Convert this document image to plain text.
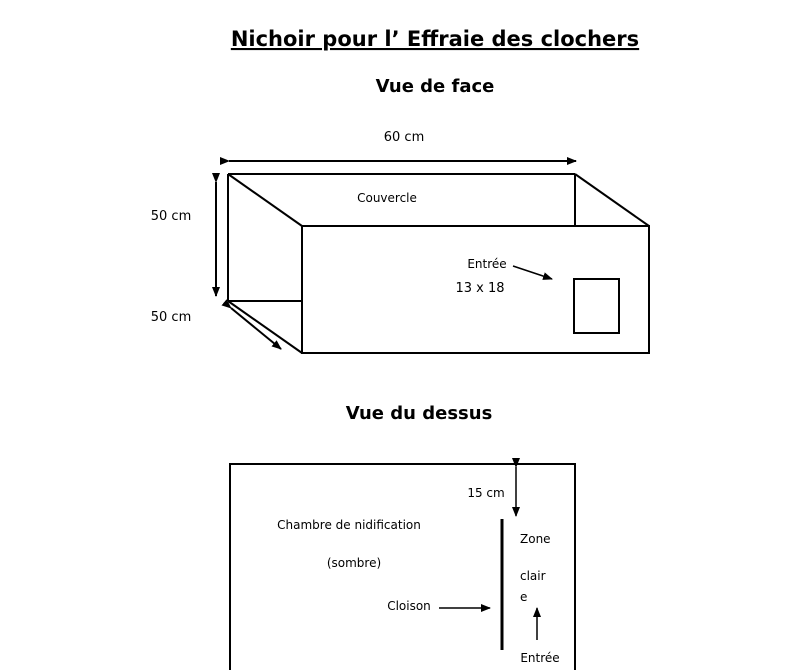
Nichoir pour l’ Effraie des clochers
Vue de face
60 cm
50 cm
50 cm
Couvercle
Entrée
13 x 18
Vue du dessus
15 cm
Chambre de nidification
(sombre)
Cloison
Zone
clair
e
Entrée
